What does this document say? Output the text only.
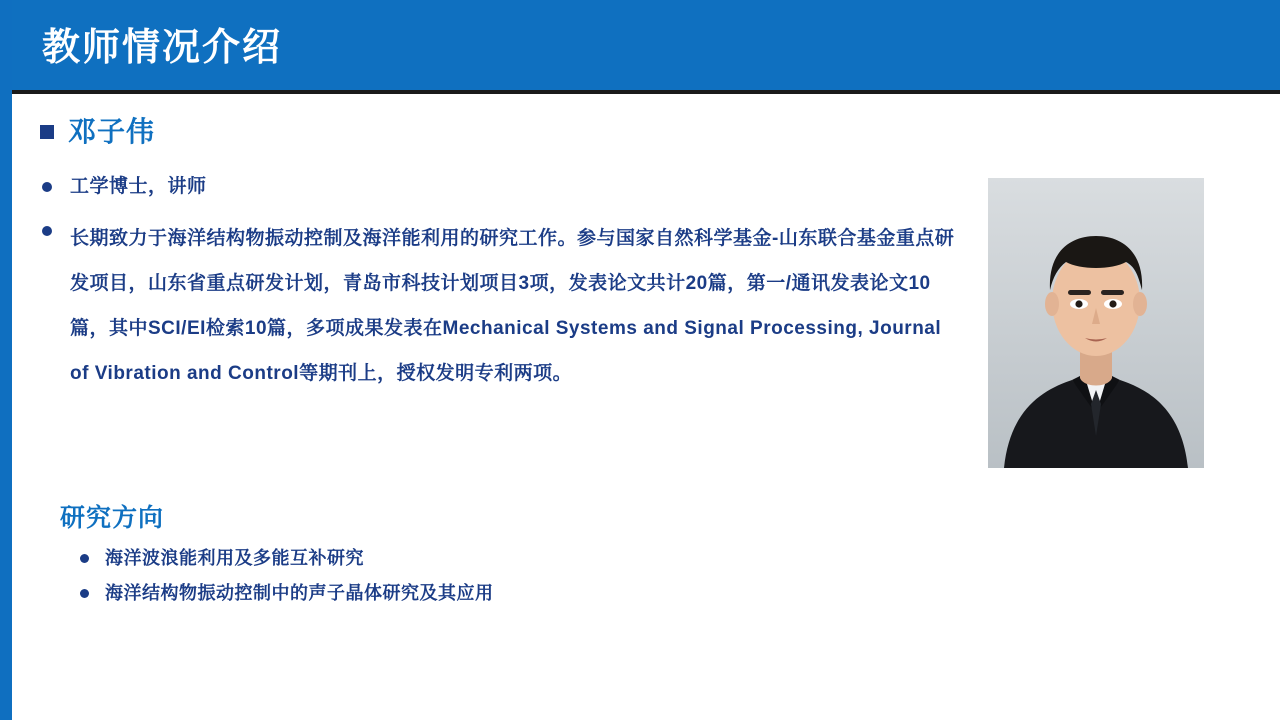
教师情况介绍
邓子伟
工学博士，讲师
长期致力于海洋结构物振动控制及海洋能利用的研究工作。参与国家自然科学基金-山东联合基金重点研发项目，山东省重点研发计划，青岛市科技计划项目3项，发表论文共计20篇，第一/通讯发表论文10篇，其中SCI/EI检索10篇，多项成果发表在Mechanical Systems and Signal Processing, Journal of Vibration and Control等期刊上，授权发明专利两项。
研究方向
海洋波浪能利用及多能互补研究
海洋结构物振动控制中的声子晶体研究及其应用
